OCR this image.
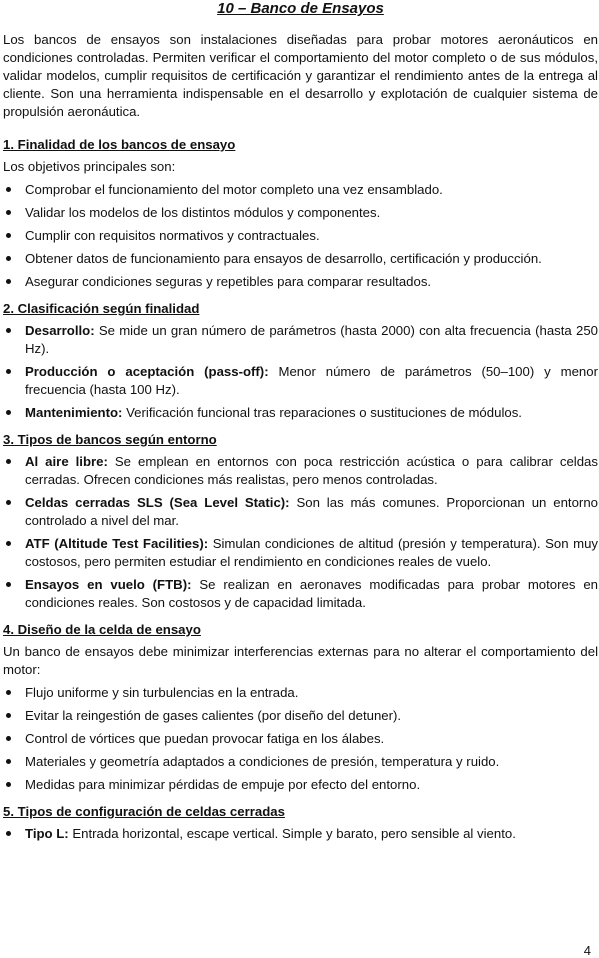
10 – Banco de Ensayos

Los bancos de ensayos son instalaciones diseñadas para probar motores aeronáuticos en condiciones controladas. Permiten verificar el comportamiento del motor completo o de sus módulos, validar modelos, cumplir requisitos de certificación y garantizar el rendimiento antes de la entrega al cliente. Son una herramienta indispensable en el desarrollo y explotación de cualquier sistema de propulsión aeronáutica.

1. Finalidad de los bancos de ensayo

Los objetivos principales son:

Comprobar el funcionamiento del motor completo una vez ensamblado.
Validar los modelos de los distintos módulos y componentes.
Cumplir con requisitos normativos y contractuales.
Obtener datos de funcionamiento para ensayos de desarrollo, certificación y producción.
Asegurar condiciones seguras y repetibles para comparar resultados.
2. Clasificación según finalidad
Desarrollo: Se mide un gran número de parámetros (hasta 2000) con alta frecuencia (hasta 250 Hz).
Producción o aceptación (pass-off): Menor número de parámetros (50–100) y menor frecuencia (hasta 100 Hz).
Mantenimiento: Verificación funcional tras reparaciones o sustituciones de módulos.
3. Tipos de bancos según entorno
Al aire libre: Se emplean en entornos con poca restricción acústica o para calibrar celdas cerradas. Ofrecen condiciones más realistas, pero menos controladas.
Celdas cerradas SLS (Sea Level Static): Son las más comunes. Proporcionan un entorno controlado a nivel del mar.
ATF (Altitude Test Facilities): Simulan condiciones de altitud (presión y temperatura). Son muy costosos, pero permiten estudiar el rendimiento en condiciones reales de vuelo.
Ensayos en vuelo (FTB): Se realizan en aeronaves modificadas para probar motores en condiciones reales. Son costosos y de capacidad limitada.
4. Diseño de la celda de ensayo

Un banco de ensayos debe minimizar interferencias externas para no alterar el comportamiento del motor:

Flujo uniforme y sin turbulencias en la entrada.
Evitar la reingestión de gases calientes (por diseño del detuner).
Control de vórtices que puedan provocar fatiga en los álabes.
Materiales y geometría adaptados a condiciones de presión, temperatura y ruido.
Medidas para minimizar pérdidas de empuje por efecto del entorno.
5. Tipos de configuración de celdas cerradas
Tipo L: Entrada horizontal, escape vertical. Simple y barato, pero sensible al viento.
4
